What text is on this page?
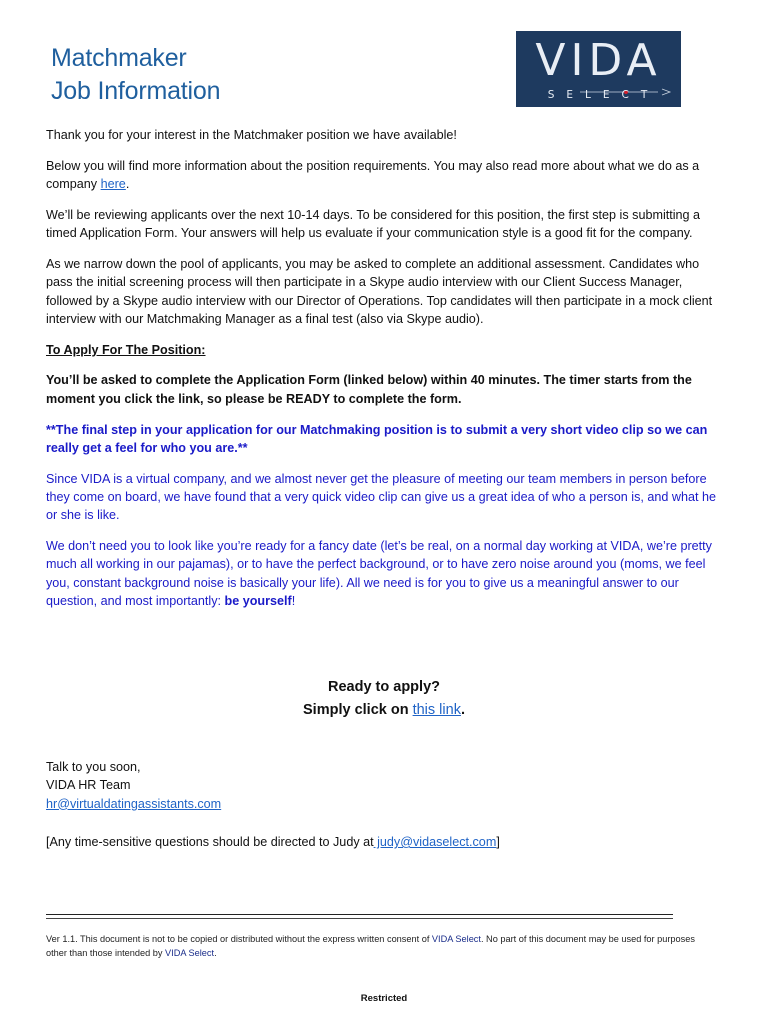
Matchmaker
Job Information
VIDA
SELECT

Thank you for your interest in the Matchmaker position we have available!

Below you will find more information about the position requirements. You may also read more about what we do as a company here.

We’ll be reviewing applicants over the next 10-14 days. To be considered for this position, the first step is submitting a timed Application Form. Your answers will help us evaluate if your communication style is a good fit for the company.

As we narrow down the pool of applicants, you may be asked to complete an additional assessment. Candidates who pass the initial screening process will then participate in a Skype audio interview with our Client Success Manager, followed by a Skype audio interview with our Director of Operations. Top candidates will then participate in a mock client interview with our Matchmaking Manager as a final test (also via Skype audio).

To Apply For The Position:

You’ll be asked to complete the Application Form (linked below) within 40 minutes. The timer starts from the moment you click the link, so please be READY to complete the form.

**The final step in your application for our Matchmaking position is to submit a very short video clip so we can really get a feel for who you are.**

Since VIDA is a virtual company, and we almost never get the pleasure of meeting our team members in person before they come on board, we have found that a very quick video clip can give us a great idea of who a person is, and what he or she is like.

We don’t need you to look like you’re ready for a fancy date (let’s be real, on a normal day working at VIDA, we’re pretty much all working in our pajamas), or to have the perfect background, or to have zero noise around you (moms, we feel you, constant background noise is basically your life). All we need is for you to give us a meaningful answer to our question, and most importantly: be yourself!

Ready to apply?
Simply click on this link.
Talk to you soon,
VIDA HR Team
hr@virtualdatingassistants.com
[Any time-sensitive questions should be directed to Judy at judy@vidaselect.com]
Ver 1.1. This document is not to be copied or distributed without the express written consent of VIDA Select. No part of this document may be used for purposes other than those intended by VIDA Select.
Restricted
